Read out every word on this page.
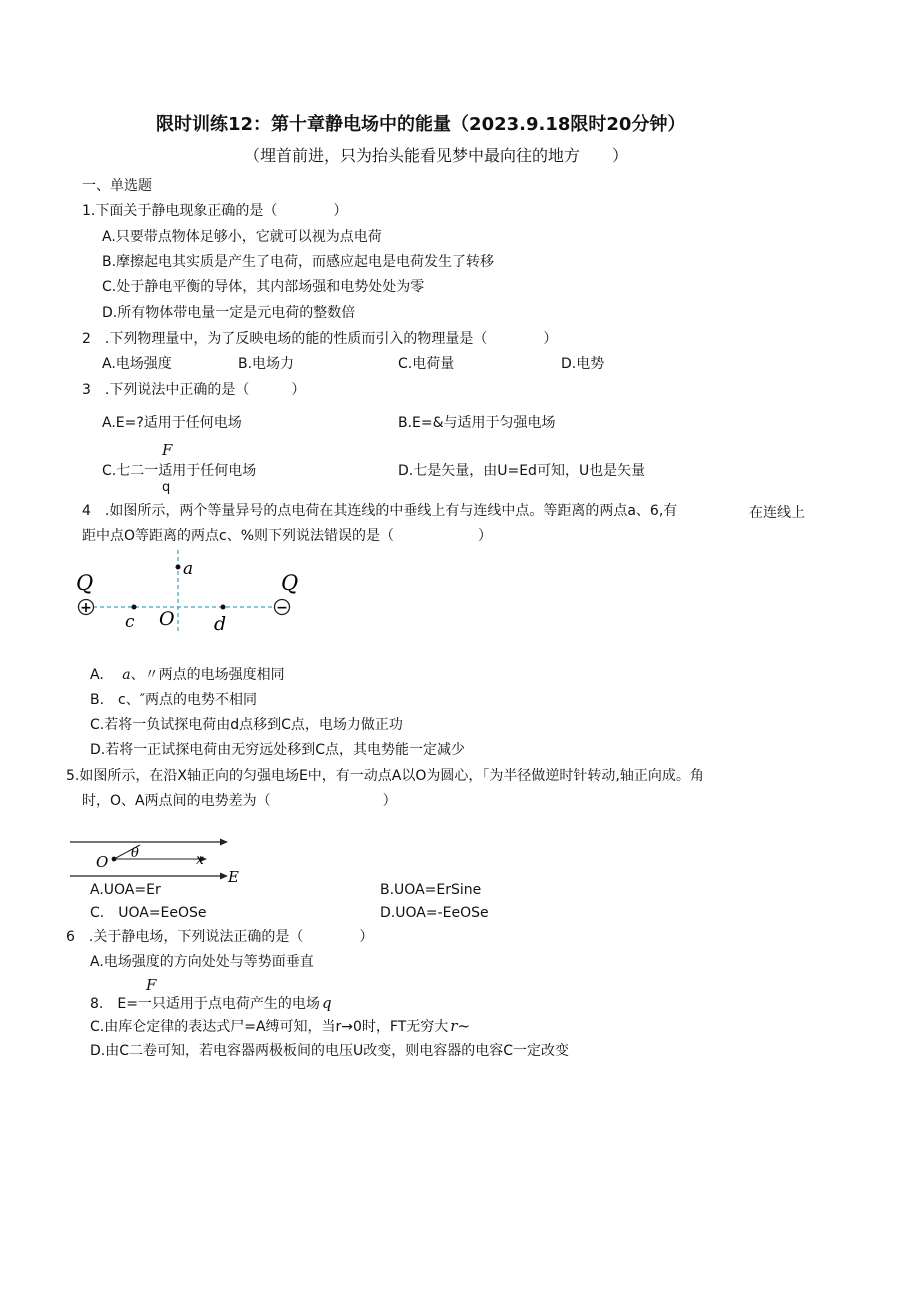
限时训练12：第十章静电场中的能量（2023.9.18限时20分钟）
（埋首前进，只为抬头能看见梦中最向往的地方　　）
一、单选题
1.下面关于静电现象正确的是（　　　　）
A.只要带点物体足够小，它就可以视为点电荷
B.摩擦起电其实质是产生了电荷，而感应起电是电荷发生了转移
C.处于静电平衡的导体，其内部场强和电势处处为零
D.所有物体带电量一定是元电荷的整数倍
2　.下列物理量中，为了反映电场的能的性质而引入的物理量是（　　　　）
A.电场强度	B.电场力	C.电荷量	D.电势
3　.下列说法中正确的是（　　　）
A.E=?适用于任何电场	B.E=&与适用于匀强电场
F
C.七二一适用于任何电场
q
D.七是矢量，由U=Ed可知，U也是矢量
4　.如图所示，两个等量异号的点电荷在其连线的中垂线上有与连线中点。等距离的两点a、6,有	在连线上
距中点O等距离的两点c、%则下列说法错误的是（　　　　　　）
+	−
Q	Q
a
c O d
A. a、〃两点的电场强度相同
B.　c、″两点的电势不相同
C.若将一负试探电荷由d点移到C点，电场力做正功
D.若将一正试探电荷由无穷远处移到C点，其电势能一定减少
5.如图所示，在沿X轴正向的匀强电场E中，有一动点A以O为圆心，「为半径做逆时针转动,轴正向成。角
时，O、A两点间的电势差为（　　　　　　　　）
O θ	x
E
A.UOA=Er	B.UOA=ErSine
C.　UOA=EeOSe	D.UOA=-EeOSe
6　.关于静电场，下列说法正确的是（　　　　）
A.电场强度的方向处处与等势面垂直
F
8.　E=一只适用于点电荷产生的电场 q
C.由库仑定律的表达式尸=A缚可知，当r→0时，FT无穷大 r~
D.由C二卷可知，若电容器两极板间的电压U改变，则电容器的电容C一定改变
